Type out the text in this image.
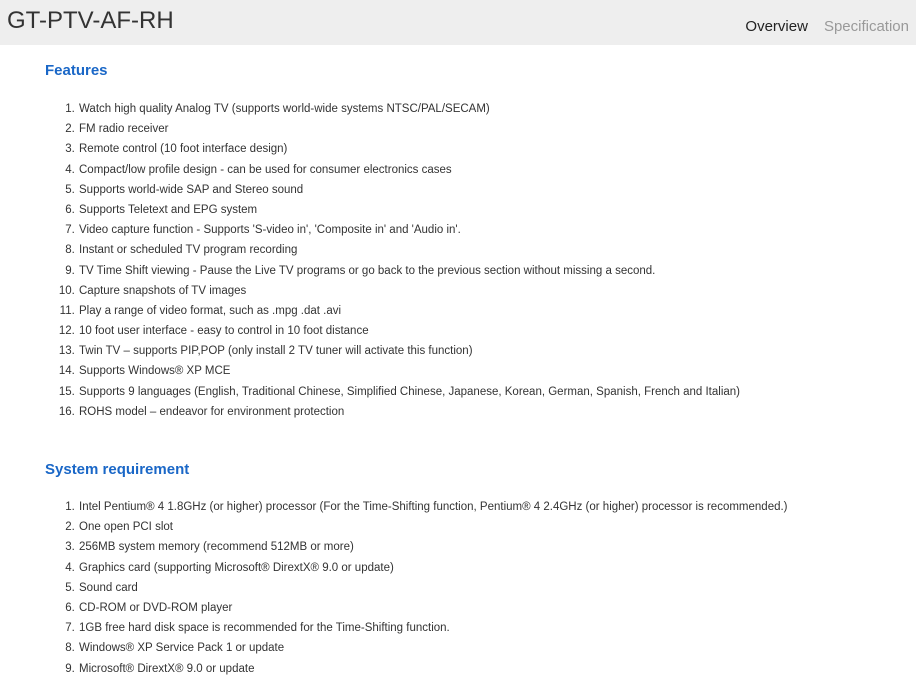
GT-PTV-AF-RH	Overview Specification
Features
1. Watch high quality Analog TV (supports world-wide systems NTSC/PAL/SECAM)
2. FM radio receiver
3. Remote control (10 foot interface design)
4. Compact/low profile design - can be used for consumer electronics cases
5. Supports world-wide SAP and Stereo sound
6. Supports Teletext and EPG system
7. Video capture function - Supports 'S-video in', 'Composite in' and 'Audio in'.
8. Instant or scheduled TV program recording
9. TV Time Shift viewing - Pause the Live TV programs or go back to the previous section without missing a second.
10. Capture snapshots of TV images
11. Play a range of video format, such as .mpg .dat .avi
12. 10 foot user interface - easy to control in 10 foot distance
13. Twin TV – supports PIP,POP (only install 2 TV tuner will activate this function)
14. Supports Windows® XP MCE
15. Supports 9 languages (English, Traditional Chinese, Simplified Chinese, Japanese, Korean, German, Spanish, French and Italian)
16. ROHS model – endeavor for environment protection
System requirement
1. Intel Pentium® 4 1.8GHz (or higher) processor (For the Time-Shifting function, Pentium® 4 2.4GHz (or higher) processor is recommended.)
2. One open PCI slot
3. 256MB system memory (recommend 512MB or more)
4. Graphics card (supporting Microsoft® DirextX® 9.0 or update)
5. Sound card
6. CD-ROM or DVD-ROM player
7. 1GB free hard disk space is recommended for the Time-Shifting function.
8. Windows® XP Service Pack 1 or update
9. Microsoft® DirextX® 9.0 or update
